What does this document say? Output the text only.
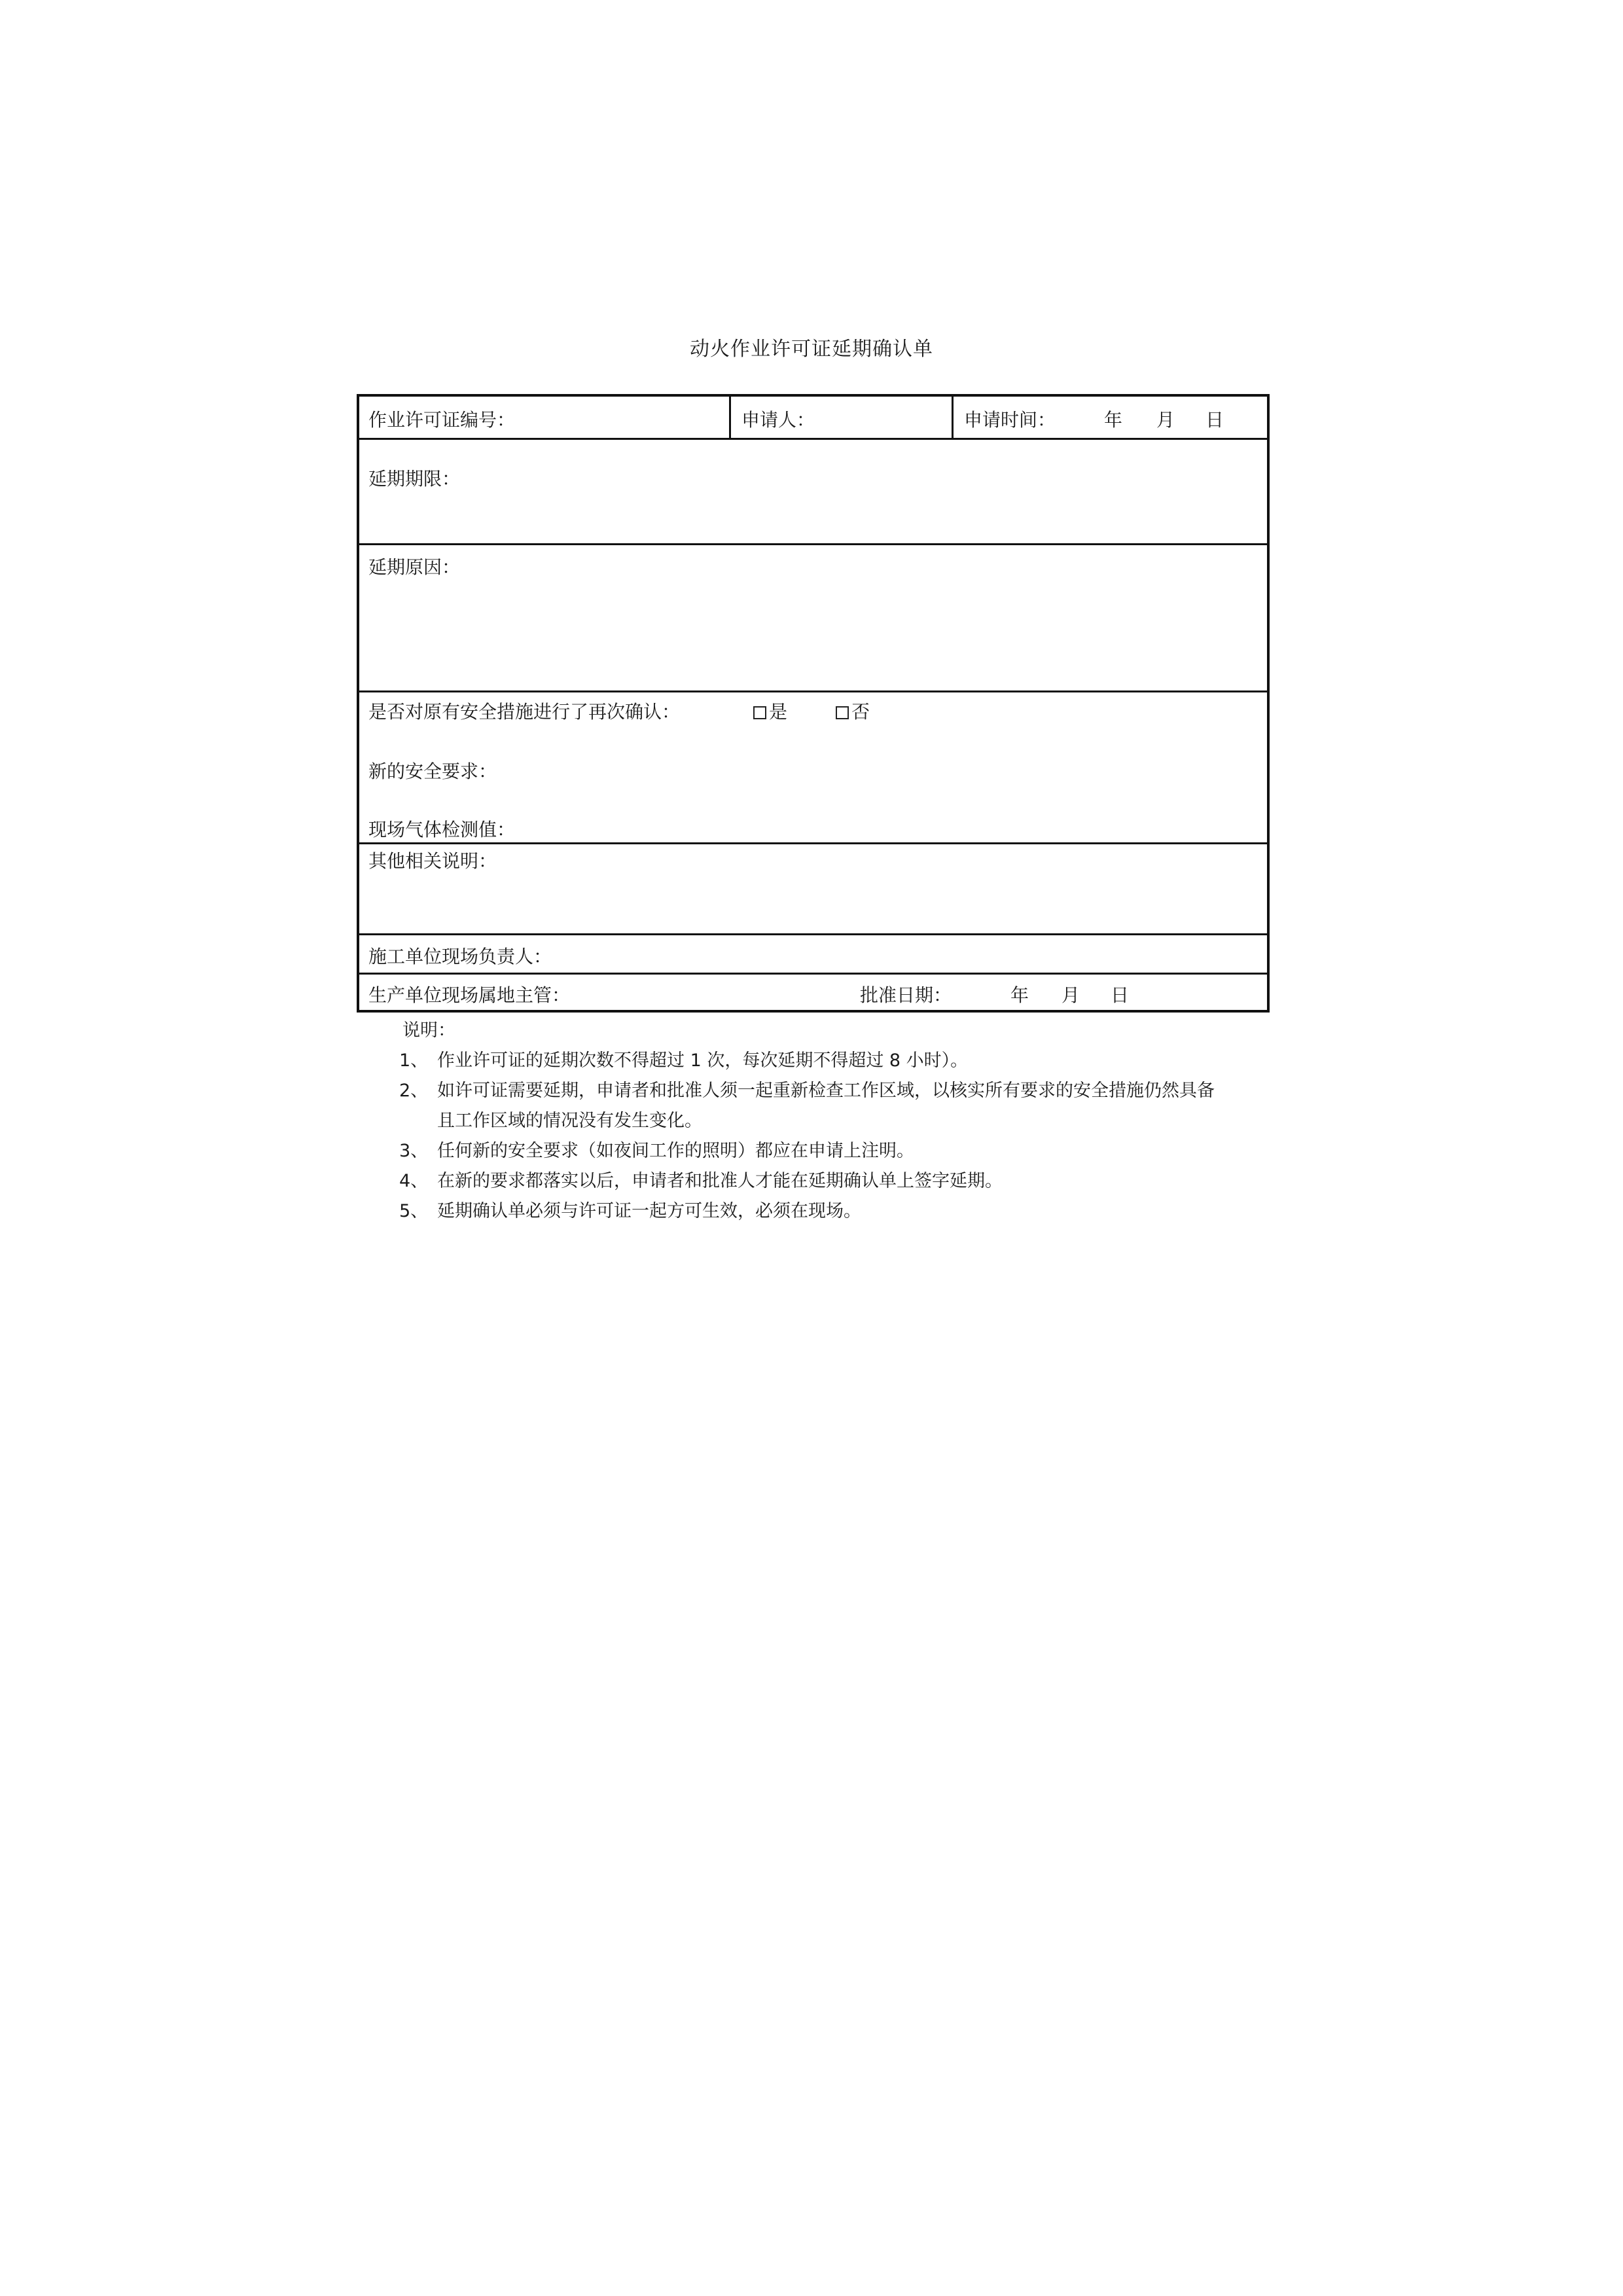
动火作业许可证延期确认单
作业许可证编号：	申请人：	申请时间：	年 月 日
延期期限：
延期原因：
是否对原有安全措施进行了再次确认：	是	否
新的安全要求：
现场气体检测值：
其他相关说明：
施工单位现场负责人：
生产单位现场属地主管：	批准日期：	年 月 日
说明：
1、 作业许可证的延期次数不得超过 1 次，每次延期不得超过 8 小时）。
2、 如许可证需要延期，申请者和批准人须一起重新检查工作区域，以核实所有要求的安全措施仍然具备且工作区域的情况没有发生变化。
3、 任何新的安全要求（如夜间工作的照明）都应在申请上注明。
4、 在新的要求都落实以后，申请者和批准人才能在延期确认单上签字延期。
5、 延期确认单必须与许可证一起方可生效，必须在现场。
